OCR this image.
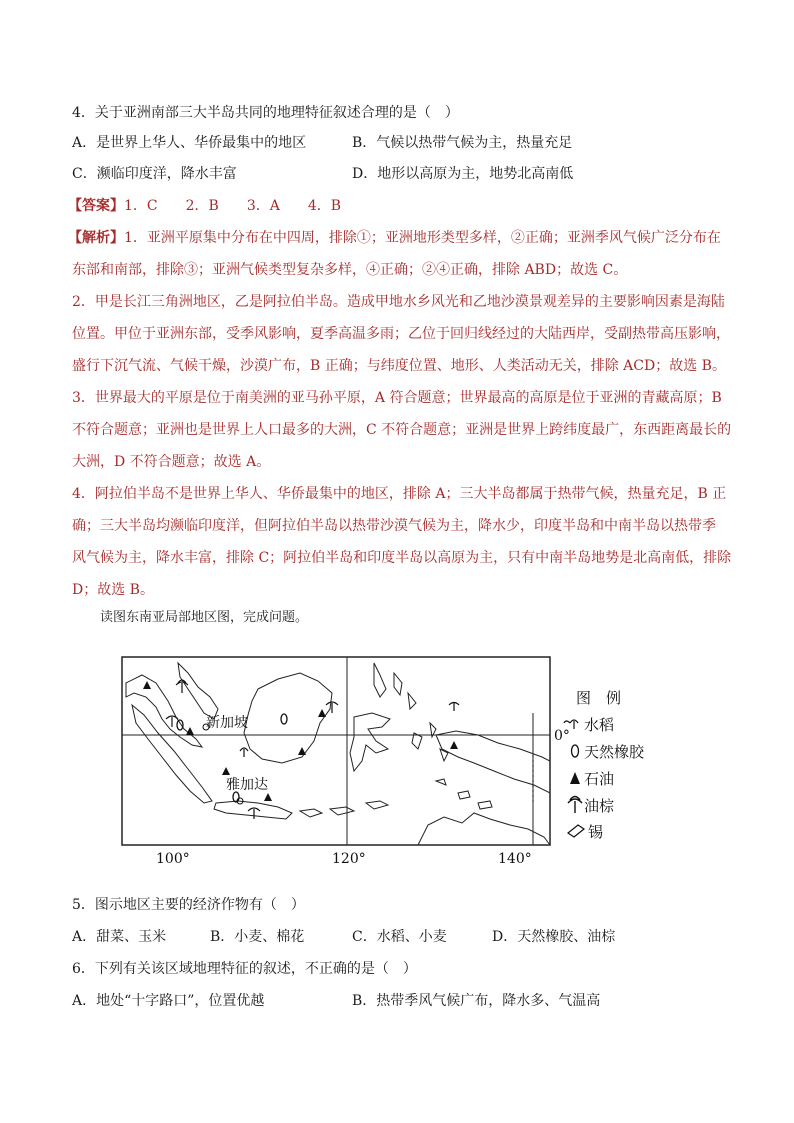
4．关于亚洲南部三大半岛共同的地理特征叙述合理的是（　）
A．是世界上华人、华侨最集中的地区	B．气候以热带气候为主，热量充足
C．濒临印度洋，降水丰富	D．地形以高原为主，地势北高南低
【答案】1．C　　2．B　　3．A　　4．B
【解析】1．亚洲平原集中分布在中四周，排除①；亚洲地形类型多样，②正确；亚洲季风气候广泛分布在
东部和南部，排除③；亚洲气候类型复杂多样，④正确；②④正确，排除 ABD；故选 C。
2．甲是长江三角洲地区，乙是阿拉伯半岛。造成甲地水乡风光和乙地沙漠景观差异的主要影响因素是海陆
位置。甲位于亚洲东部，受季风影响，夏季高温多雨；乙位于回归线经过的大陆西岸，受副热带高压影响，
盛行下沉气流、气候干燥，沙漠广布，B 正确；与纬度位置、地形、人类活动无关，排除 ACD；故选 B。
3．世界最大的平原是位于南美洲的亚马孙平原，A 符合题意；世界最高的高原是位于亚洲的青藏高原；B
不符合题意；亚洲也是世界上人口最多的大洲，C 不符合题意；亚洲是世界上跨纬度最广，东西距离最长的
大洲，D 不符合题意；故选 A。
4．阿拉伯半岛不是世界上华人、华侨最集中的地区，排除 A；三大半岛都属于热带气候，热量充足，B 正
确；三大半岛均濒临印度洋，但阿拉伯半岛以热带沙漠气候为主，降水少，印度半岛和中南半岛以热带季
风气候为主，降水丰富，排除 C；阿拉伯半岛和印度半岛以高原为主，只有中南半岛地势是北高南低，排除
D；故选 B。
读图东南亚局部地区图，完成问题。
新加坡
雅加达
0°
100°	120°	140°
图　例
水稻
天然橡胶
石油
油棕
锡
5．图示地区主要的经济作物有（　）
A．甜菜、玉米	B．小麦、棉花	C．水稻、小麦	D．天然橡胶、油棕
6．下列有关该区域地理特征的叙述，不正确的是（　）
A．地处“十字路口”，位置优越	B．热带季风气候广布，降水多、气温高
